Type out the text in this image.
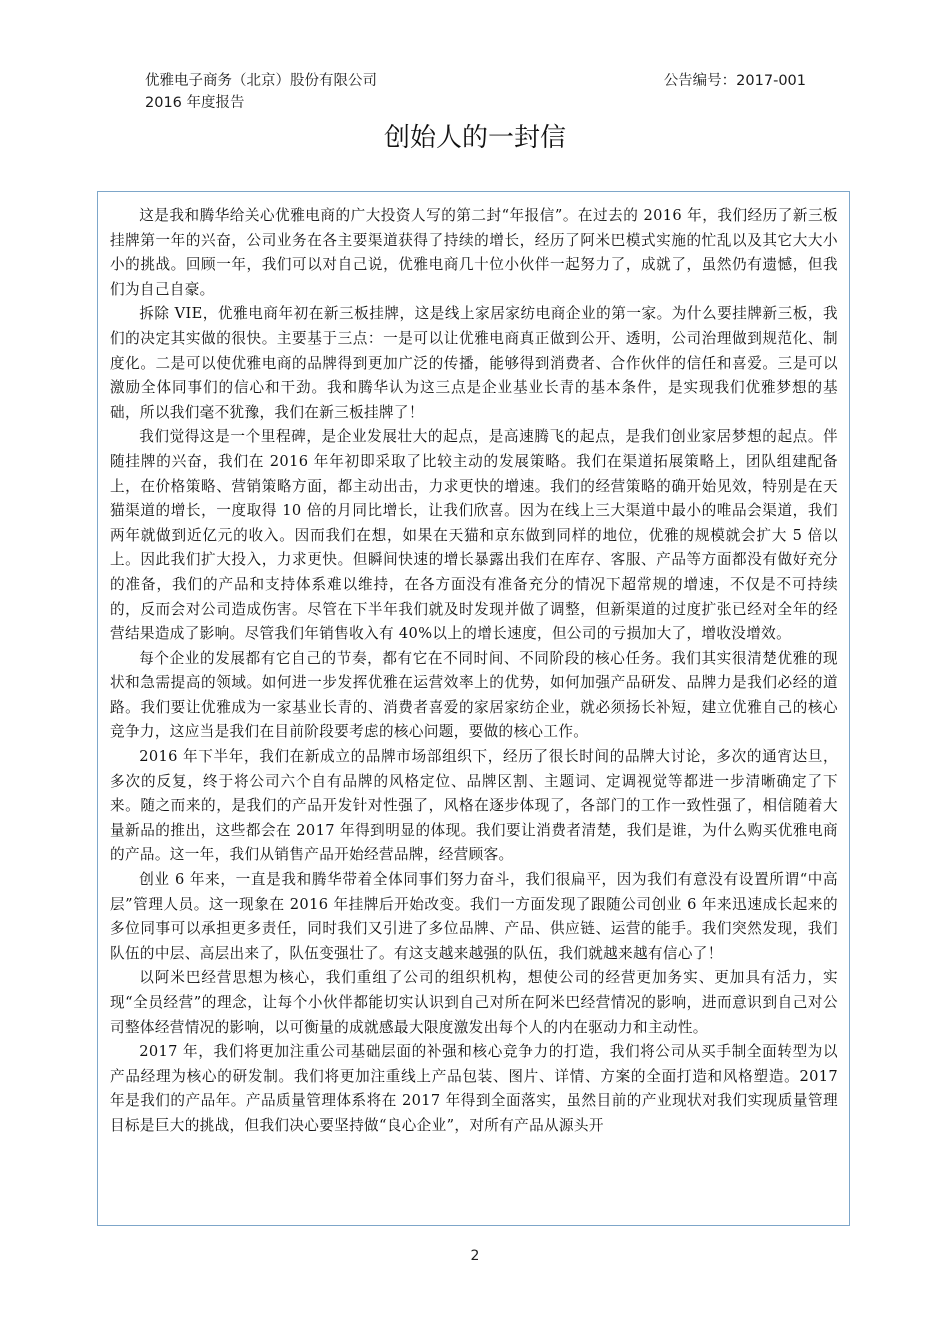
优雅电子商务（北京）股份有限公司
2016 年度报告
公告编号：2017-001
创始人的一封信

这是我和腾华给关心优雅电商的广大投资人写的第二封“年报信”。在过去的 2016 年，我们经历了新三板挂牌第一年的兴奋，公司业务在各主要渠道获得了持续的增长，经历了阿米巴模式实施的忙乱以及其它大大小小的挑战。回顾一年，我们可以对自己说，优雅电商几十位小伙伴一起努力了，成就了，虽然仍有遗憾，但我们为自己自豪。

拆除 VIE，优雅电商年初在新三板挂牌，这是线上家居家纺电商企业的第一家。为什么要挂牌新三板，我们的决定其实做的很快。主要基于三点：一是可以让优雅电商真正做到公开、透明，公司治理做到规范化、制度化。二是可以使优雅电商的品牌得到更加广泛的传播，能够得到消费者、合作伙伴的信任和喜爱。三是可以激励全体同事们的信心和干劲。我和腾华认为这三点是企业基业长青的基本条件，是实现我们优雅梦想的基础，所以我们毫不犹豫，我们在新三板挂牌了！

我们觉得这是一个里程碑，是企业发展壮大的起点，是高速腾飞的起点，是我们创业家居梦想的起点。伴随挂牌的兴奋，我们在 2016 年年初即采取了比较主动的发展策略。我们在渠道拓展策略上，团队组建配备上，在价格策略、营销策略方面，都主动出击，力求更快的增速。我们的经营策略的确开始见效，特别是在天猫渠道的增长，一度取得 10 倍的月同比增长，让我们欣喜。因为在线上三大渠道中最小的唯品会渠道，我们两年就做到近亿元的收入。因而我们在想，如果在天猫和京东做到同样的地位，优雅的规模就会扩大 5 倍以上。因此我们扩大投入，力求更快。但瞬间快速的增长暴露出我们在库存、客服、产品等方面都没有做好充分的准备，我们的产品和支持体系难以维持，在各方面没有准备充分的情况下超常规的增速，不仅是不可持续的，反而会对公司造成伤害。尽管在下半年我们就及时发现并做了调整，但新渠道的过度扩张已经对全年的经营结果造成了影响。尽管我们年销售收入有 40%以上的增长速度，但公司的亏损加大了，增收没增效。

每个企业的发展都有它自己的节奏，都有它在不同时间、不同阶段的核心任务。我们其实很清楚优雅的现状和急需提高的领域。如何进一步发挥优雅在运营效率上的优势，如何加强产品研发、品牌力是我们必经的道路。我们要让优雅成为一家基业长青的、消费者喜爱的家居家纺企业，就必须扬长补短，建立优雅自己的核心竞争力，这应当是我们在目前阶段要考虑的核心问题，要做的核心工作。

2016 年下半年，我们在新成立的品牌市场部组织下，经历了很长时间的品牌大讨论，多次的通宵达旦，多次的反复，终于将公司六个自有品牌的风格定位、品牌区割、主题词、定调视觉等都进一步清晰确定了下来。随之而来的，是我们的产品开发针对性强了，风格在逐步体现了，各部门的工作一致性强了，相信随着大量新品的推出，这些都会在 2017 年得到明显的体现。我们要让消费者清楚，我们是谁，为什么购买优雅电商的产品。这一年，我们从销售产品开始经营品牌，经营顾客。

创业 6 年来，一直是我和腾华带着全体同事们努力奋斗，我们很扁平，因为我们有意没有设置所谓“中高层”管理人员。这一现象在 2016 年挂牌后开始改变。我们一方面发现了跟随公司创业 6 年来迅速成长起来的多位同事可以承担更多责任，同时我们又引进了多位品牌、产品、供应链、运营的能手。我们突然发现，我们队伍的中层、高层出来了，队伍变强壮了。有这支越来越强的队伍，我们就越来越有信心了！

以阿米巴经营思想为核心，我们重组了公司的组织机构，想使公司的经营更加务实、更加具有活力，实现“全员经营”的理念，让每个小伙伴都能切实认识到自己对所在阿米巴经营情况的影响，进而意识到自己对公司整体经营情况的影响，以可衡量的成就感最大限度激发出每个人的内在驱动力和主动性。

2017 年，我们将更加注重公司基础层面的补强和核心竞争力的打造，我们将公司从买手制全面转型为以产品经理为核心的研发制。我们将更加注重线上产品包装、图片、详情、方案的全面打造和风格塑造。2017 年是我们的产品年。产品质量管理体系将在 2017 年得到全面落实，虽然目前的产业现状对我们实现质量管理目标是巨大的挑战，但我们决心要坚持做“良心企业”，对所有产品从源头开

2
